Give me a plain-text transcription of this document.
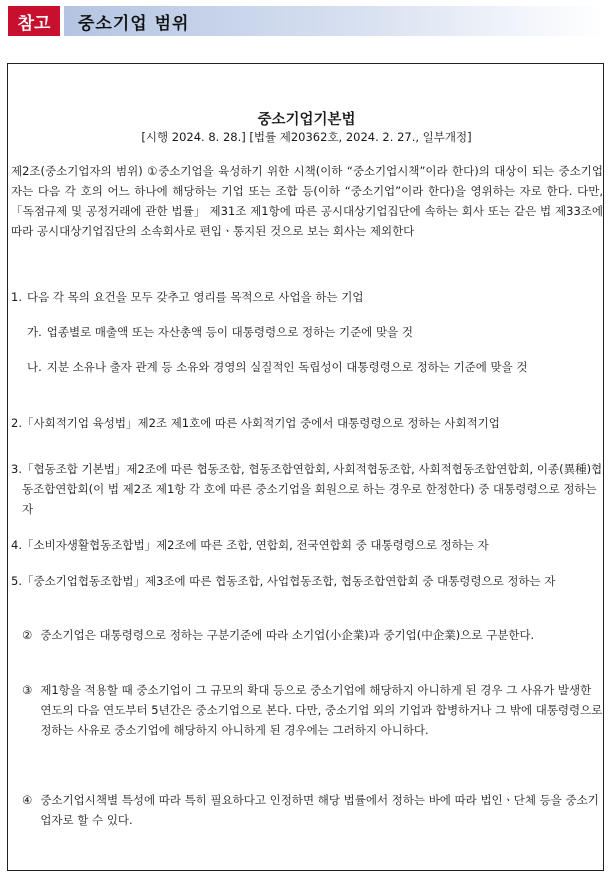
참고	중소기업 범위
중소기업기본법
[시행 2024. 8. 28.] [법률 제20362호, 2024. 2. 27., 일부개정]

제2조(중소기업자의 범위) ①중소기업을 육성하기 위한 시책(이하 “중소기업시책”이라 한다)의 대상이 되는 중소기업자는 다음 각 호의 어느 하나에 해당하는 기업 또는 조합 등(이하 “중소기업”이라 한다)을 영위하는 자로 한다. 다만,「독점규제 및 공정거래에 관한 법률」 제31조 제1항에 따른 공시대상기업집단에 속하는 회사 또는 같은 법 제33조에 따라 공시대상기업집단의 소속회사로 편입ㆍ통지된 것으로 보는 회사는 제외한다

1. 다음 각 목의 요건을 모두 갖추고 영리를 목적으로 사업을 하는 기업
가. 업종별로 매출액 또는 자산총액 등이 대통령령으로 정하는 기준에 맞을 것
나. 지분 소유나 출자 관계 등 소유와 경영의 실질적인 독립성이 대통령령으로 정하는 기준에 맞을 것
2. 「사회적기업 육성법」제2조 제1호에 따른 사회적기업 중에서 대통령령으로 정하는 사회적기업
3. 「협동조합 기본법」제2조에 따른 협동조합, 협동조합연합회, 사회적협동조합, 사회적협동조합연합회, 이종(異種)협동조합연합회(이 법 제2조 제1항 각 호에 따른 중소기업을 회원으로 하는 경우로 한정한다) 중 대통령령으로 정하는 자
4. 「소비자생활협동조합법」제2조에 따른 조합, 연합회, 전국연합회 중 대통령령으로 정하는 자
5. 「중소기업협동조합법」제3조에 따른 협동조합, 사업협동조합, 협동조합연합회 중 대통령령으로 정하는 자
② 중소기업은 대통령령으로 정하는 구분기준에 따라 소기업(小企業)과 중기업(中企業)으로 구분한다.
③ 제1항을 적용할 때 중소기업이 그 규모의 확대 등으로 중소기업에 해당하지 아니하게 된 경우 그 사유가 발생한 연도의 다음 연도부터 5년간은 중소기업으로 본다. 다만, 중소기업 외의 기업과 합병하거나 그 밖에 대통령령으로 정하는 사유로 중소기업에 해당하지 아니하게 된 경우에는 그러하지 아니하다.
④ 중소기업시책별 특성에 따라 특히 필요하다고 인정하면 해당 법률에서 정하는 바에 따라 법인ㆍ단체 등을 중소기업자로 할 수 있다.
